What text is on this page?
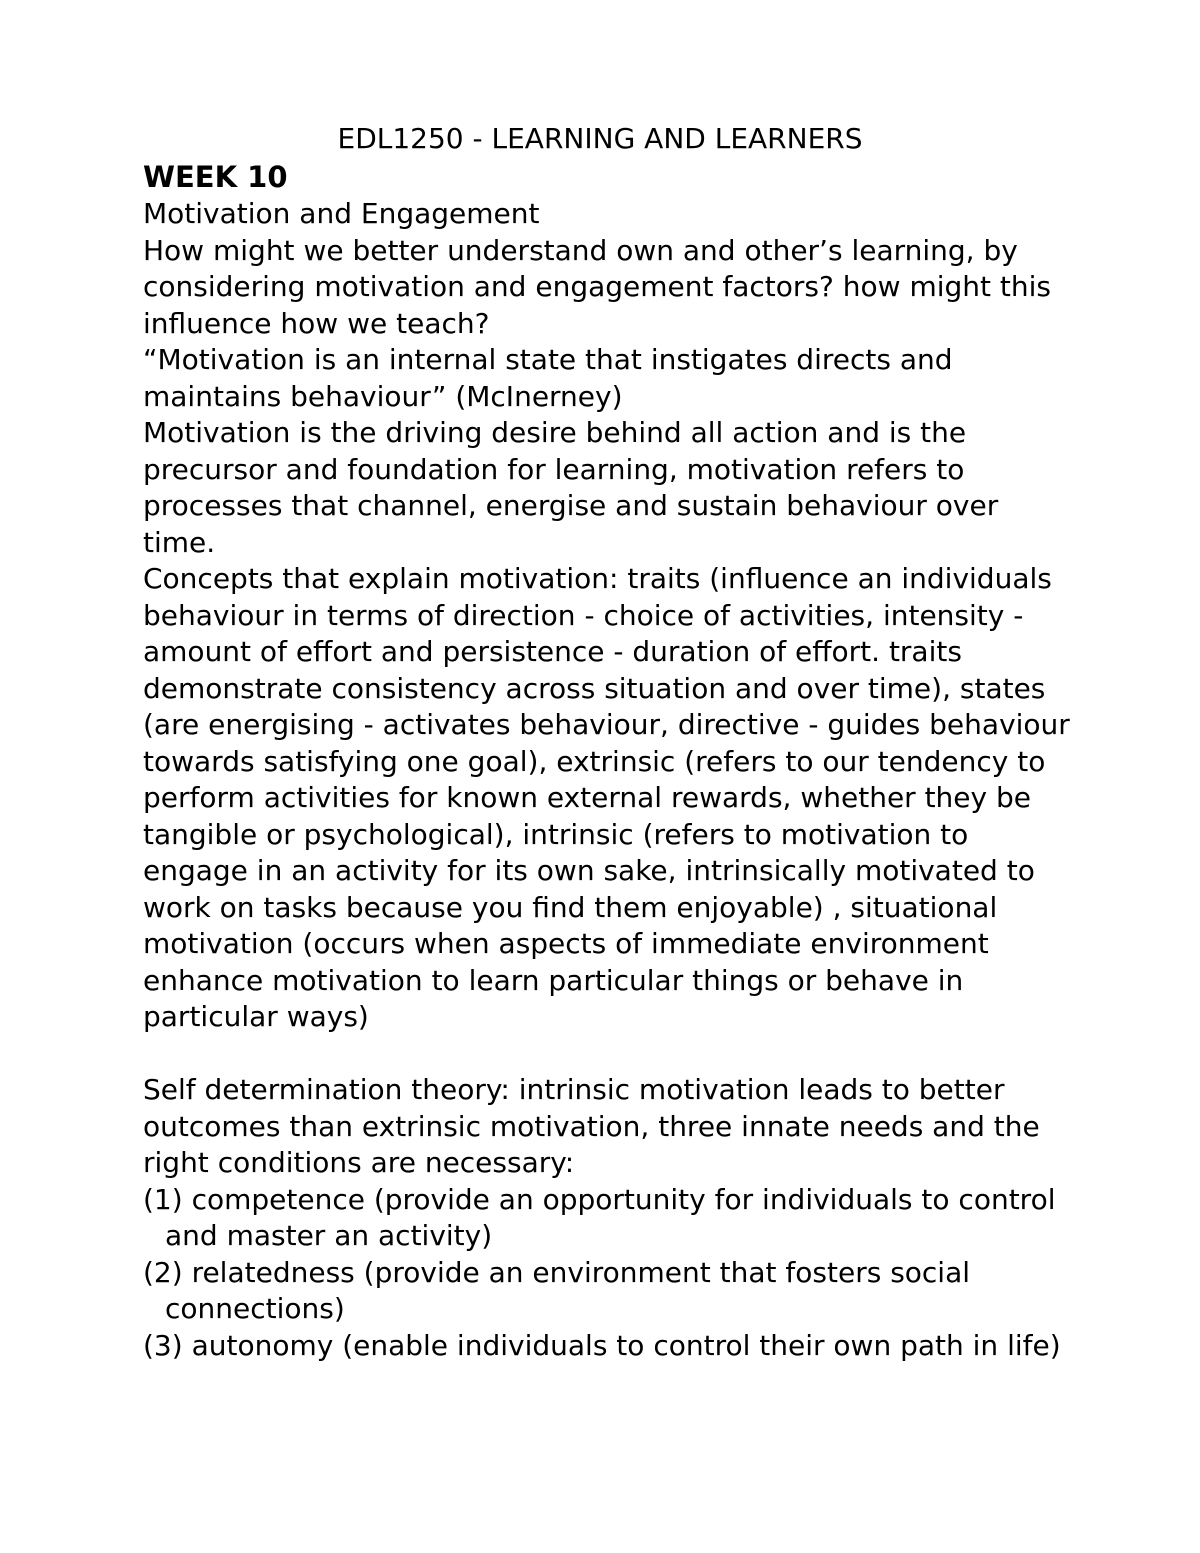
EDL1250 - LEARNING AND LEARNERS

WEEK 10

Motivation and Engagement

How might we better understand own and other’s learning, by considering motivation and engagement factors? how might this influence how we teach?

“Motivation is an internal state that instigates directs and maintains behaviour” (McInerney)

Motivation is the driving desire behind all action and is the precursor and foundation for learning, motivation refers to processes that channel, energise and sustain behaviour over time.

Concepts that explain motivation: traits (influence an individuals behaviour in terms of direction - choice of activities, intensity - amount of effort and persistence - duration of effort. traits demonstrate consistency across situation and over time), states (are energising - activates behaviour, directive - guides behaviour towards satisfying one goal), extrinsic (refers to our tendency to perform activities for known external rewards, whether they be tangible or psychological), intrinsic (refers to motivation to engage in an activity for its own sake, intrinsically motivated to work on tasks because you find them enjoyable) , situational motivation (occurs when aspects of immediate environment enhance motivation to learn particular things or behave in particular ways)

Self determination theory: intrinsic motivation leads to better outcomes than extrinsic motivation, three innate needs and the right conditions are necessary:

(1) competence (provide an opportunity for individuals to control and master an activity)

(2) relatedness (provide an environment that fosters social connections)

(3) autonomy (enable individuals to control their own path in life)
